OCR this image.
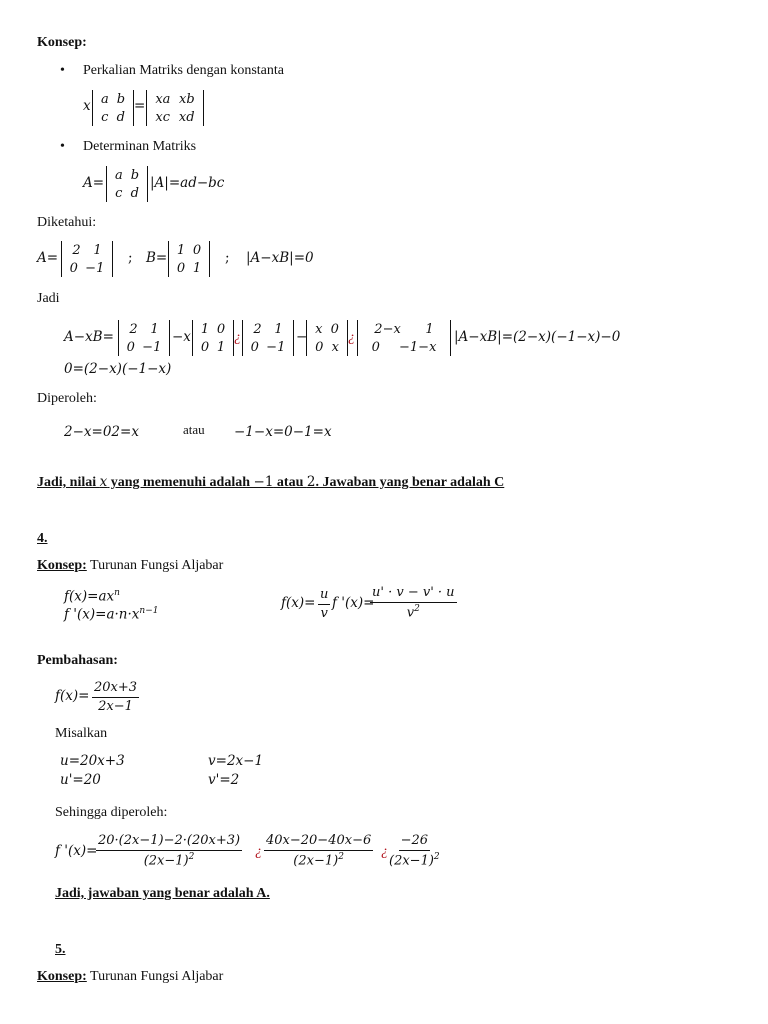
Konsep:
• Perkalian Matriks dengan konstanta
x a b
c d
= xa xb
xc xd
• Determinan Matriks
A= a b
c d
|A|=ad−bc
Diketahui:
A= 2 1
0 −1
; B= 1 0
0 1
; |A−xB|=0
Jadi
A−xB= 2 1
0 −1
−x 1 0
0 1
¿
2 1
0 −1
− x 0
0 x
¿
2−x 1
0 −1−x
|A−xB|=(2−x)(−1−x)−0
0=(2−x)(−1−x)
Diperoleh:
2−x=02=x	atau −1−x=0−1=x
Jadi, nilai x yang memenuhi adalah −1 atau 2. Jawaban yang benar adalah C
4.
Konsep: Turunan Fungsi Aljabar
$f(x)=ax^n$
f '$(x)=a\cdot n\cdot x^{n-1}$	$f(x)= \frac{u}{v}$ f '(x)=
$\frac{u' \cdot v - v' \cdot u}{v^2}$
Pembahasan:
$f(x)= \frac{20x+3}{2x-1}$
Misalkan
u=20x+3
u'=20
v=2x−1
v'=2
Sehingga diperoleh:
f '(x)=
$\frac{20\cdot(2x-1)-2\cdot(20x+3)}{(2x-1)^2}$ ¿ $\frac{40x-20-40x-6}{(2x-1)^2}$ ¿ $\frac{-26}{(2x-1)^2}$
Jadi, jawaban yang benar adalah A.
5.
Konsep: Turunan Fungsi Aljabar
